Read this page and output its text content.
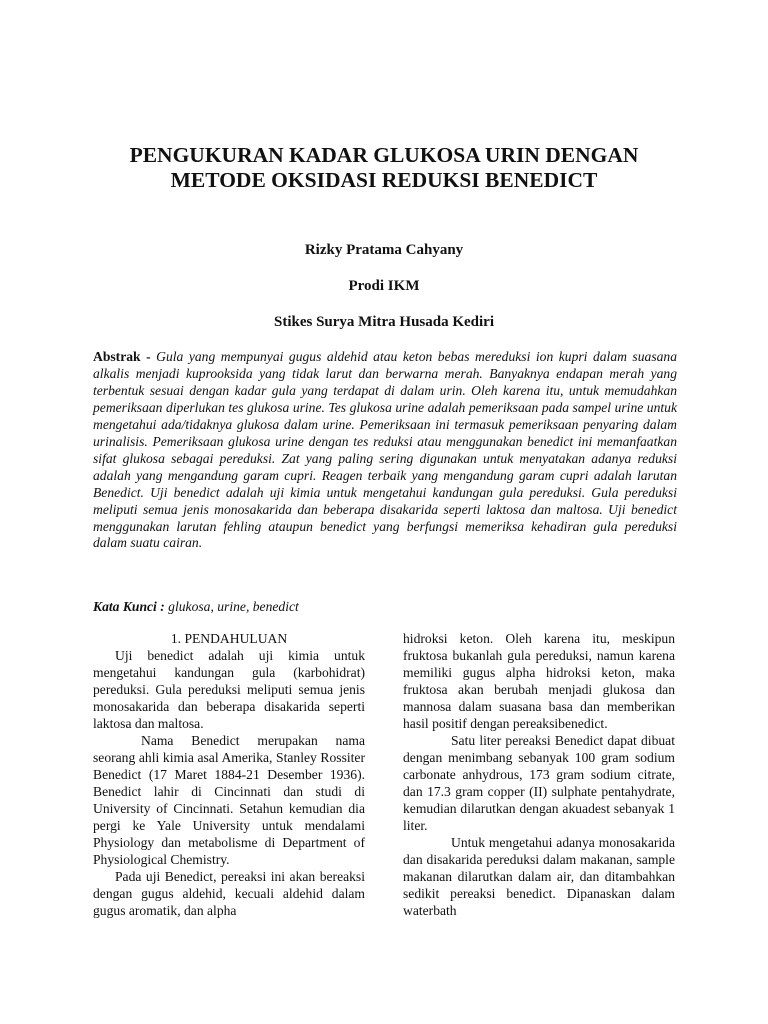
PENGUKURAN KADAR GLUKOSA URIN DENGAN
METODE OKSIDASI REDUKSI BENEDICT

Rizky Pratama Cahyany

Prodi IKM

Stikes Surya Mitra Husada Kediri

Abstrak - Gula yang mempunyai gugus aldehid atau keton bebas mereduksi ion kupri dalam suasana alkalis menjadi kuprooksida yang tidak larut dan berwarna merah. Banyaknya endapan merah yang terbentuk sesuai dengan kadar gula yang terdapat di dalam urin. Oleh karena itu, untuk memudahkan pemeriksaan diperlukan tes glukosa urine. Tes glukosa urine adalah pemeriksaan pada sampel urine untuk mengetahui ada/tidaknya glukosa dalam urine. Pemeriksaan ini termasuk pemeriksaan penyaring dalam urinalisis. Pemeriksaan glukosa urine dengan tes reduksi atau menggunakan benedict ini memanfaatkan sifat glukosa sebagai pereduksi. Zat yang paling sering digunakan untuk menyatakan adanya reduksi adalah yang mengandung garam cupri. Reagen terbaik yang mengandung garam cupri adalah larutan Benedict. Uji benedict adalah uji kimia untuk mengetahui kandungan gula pereduksi. Gula pereduksi meliputi semua jenis monosakarida dan beberapa disakarida seperti laktosa dan maltosa. Uji benedict menggunakan larutan fehling ataupun benedict yang berfungsi memeriksa kehadiran gula pereduksi dalam suatu cairan.

Kata Kunci : glukosa, urine, benedict

1. PENDAHULUAN

Uji benedict adalah uji kimia untuk mengetahui kandungan gula (karbohidrat) pereduksi. Gula pereduksi meliputi semua jenis monosakarida dan beberapa disakarida seperti laktosa dan maltosa.

Nama Benedict merupakan nama seorang ahli kimia asal Amerika, Stanley Rossiter Benedict (17 Maret 1884-21 Desember 1936). Benedict lahir di Cincinnati dan studi di University of Cincinnati. Setahun kemudian dia pergi ke Yale University untuk mendalami Physiology dan metabolisme di Department of Physiological Chemistry.

Pada uji Benedict, pereaksi ini akan bereaksi dengan gugus aldehid, kecuali aldehid dalam gugus aromatik, dan alpha

hidroksi keton. Oleh karena itu, meskipun fruktosa bukanlah gula pereduksi, namun karena memiliki gugus alpha hidroksi keton, maka fruktosa akan berubah menjadi glukosa dan mannosa dalam suasana basa dan memberikan hasil positif dengan pereaksibenedict.

Satu liter pereaksi Benedict dapat dibuat dengan menimbang sebanyak 100 gram sodium carbonate anhydrous, 173 gram sodium citrate, dan 17.3 gram copper (II) sulphate pentahydrate, kemudian dilarutkan dengan akuadest sebanyak 1 liter.

Untuk mengetahui adanya monosakarida dan disakarida pereduksi dalam makanan, sample makanan dilarutkan dalam air, dan ditambahkan sedikit pereaksi benedict. Dipanaskan dalam waterbath
